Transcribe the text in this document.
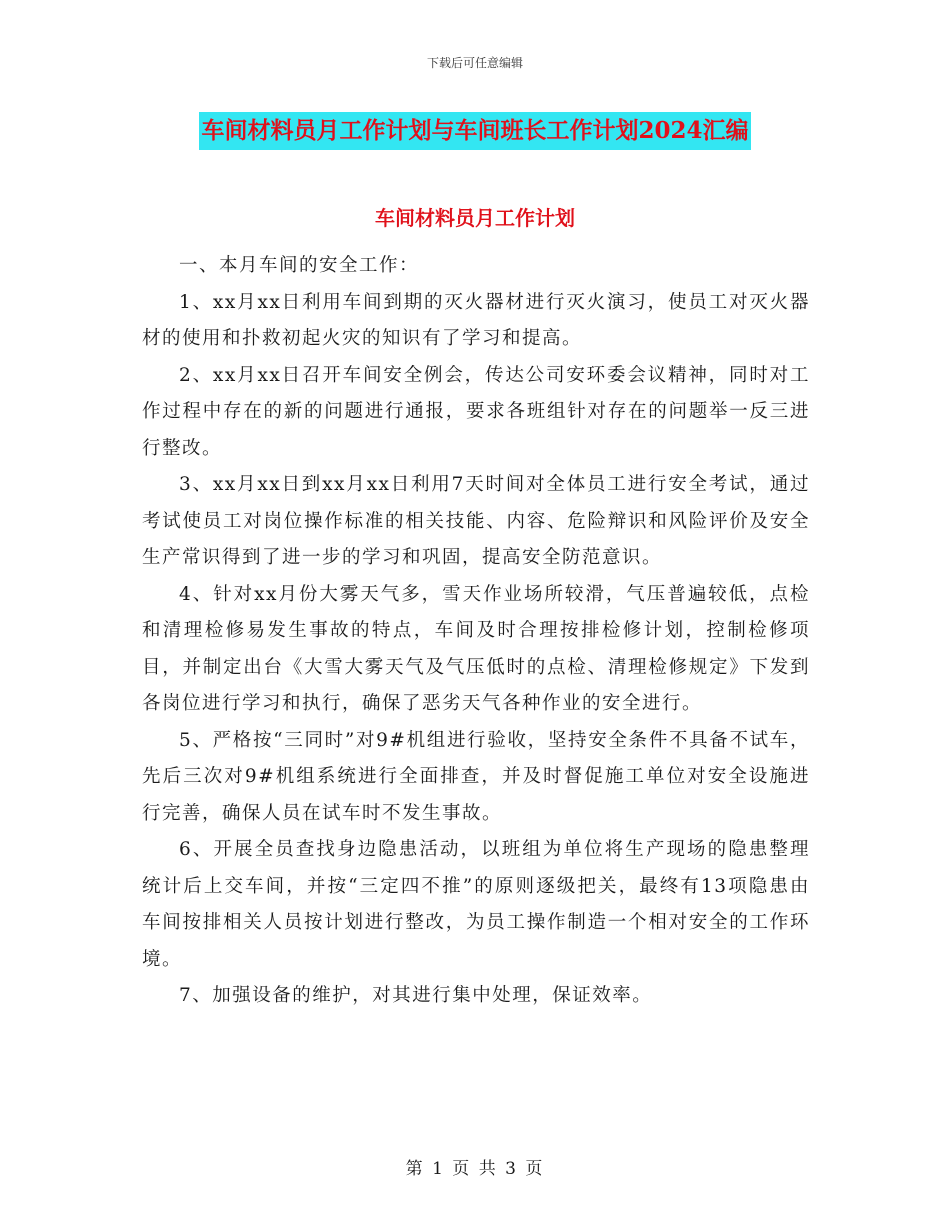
下载后可任意编辑
车间材料员月工作计划与车间班长工作计划2024汇编
车间材料员月工作计划

一、本月车间的安全工作：

1、xx月xx日利用车间到期的灭火器材进行灭火演习，使员工对灭火器材的使用和扑救初起火灾的知识有了学习和提高。

2、xx月xx日召开车间安全例会，传达公司安环委会议精神，同时对工作过程中存在的新的问题进行通报，要求各班组针对存在的问题举一反三进行整改。

3、xx月xx日到xx月xx日利用7天时间对全体员工进行安全考试，通过考试使员工对岗位操作标准的相关技能、内容、危险辩识和风险评价及安全生产常识得到了进一步的学习和巩固，提高安全防范意识。

4、针对xx月份大雾天气多，雪天作业场所较滑，气压普遍较低，点检和清理检修易发生事故的特点，车间及时合理按排检修计划，控制检修项目，并制定出台《大雪大雾天气及气压低时的点检、清理检修规定》下发到各岗位进行学习和执行，确保了恶劣天气各种作业的安全进行。

5、严格按“三同时”对9#机组进行验收，坚持安全条件不具备不试车，先后三次对9#机组系统进行全面排查，并及时督促施工单位对安全设施进行完善，确保人员在试车时不发生事故。

6、开展全员查找身边隐患活动，以班组为单位将生产现场的隐患整理统计后上交车间，并按“三定四不推”的原则逐级把关，最终有13项隐患由车间按排相关人员按计划进行整改，为员工操作制造一个相对安全的工作环境。

7、加强设备的维护，对其进行集中处理，保证效率。

第 1 页 共 3 页
